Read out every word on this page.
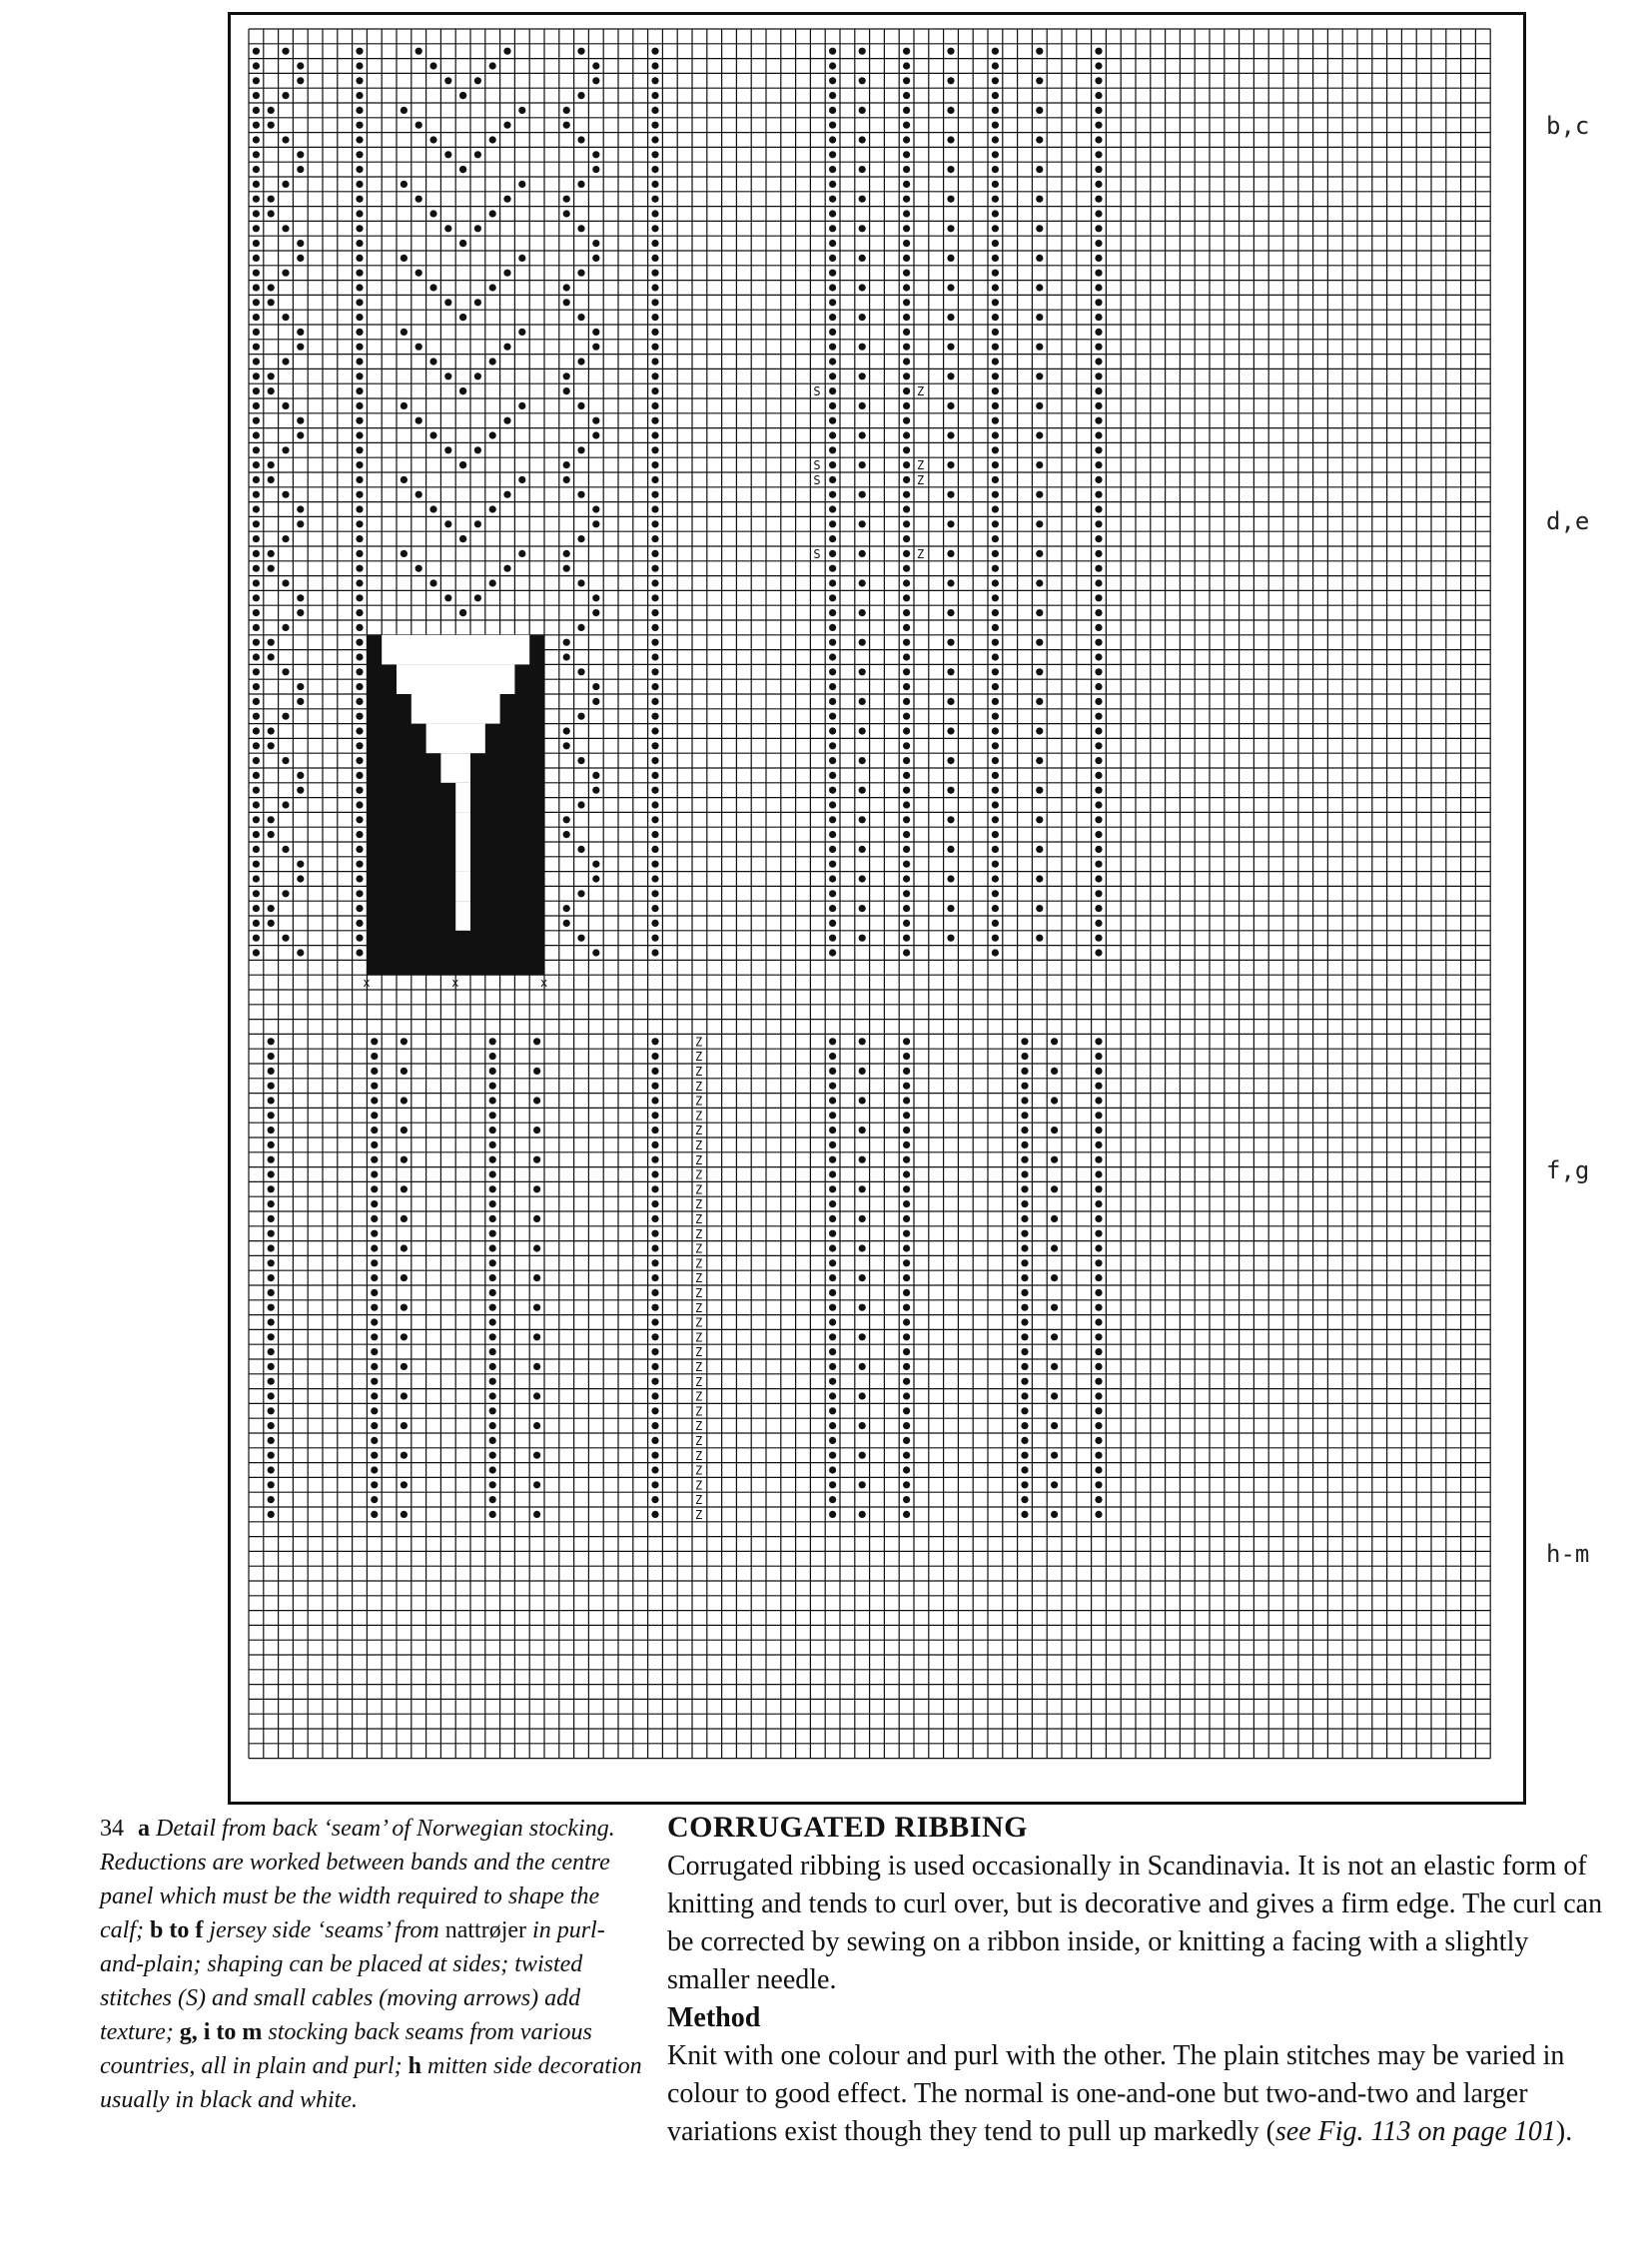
x	x	x
S	Z
S	Z
S	Z
S	Z
Z
Z
Z
Z
Z
Z
Z
Z
Z
Z
Z
Z
Z
Z
Z
Z
Z
Z
Z
Z
Z
Z
Z
Z
Z
Z
Z
Z
Z
Z
Z
Z
Z
b,c
d,e
f,g
h-m
34 a Detail from back ‘seam’ of Norwegian stocking. Reductions are worked between bands and the centre panel which must be the width required to shape the calf; b to f jersey side ‘seams’ from nattrøjer in purl-and-plain; shaping can be placed at sides; twisted stitches (S) and small cables (moving arrows) add texture; g, i to m stocking back seams from various countries, all in plain and purl; h mitten side decoration usually in black and white.
CORRUGATED RIBBING

Corrugated ribbing is used occasionally in Scandinavia. It is not an elastic form of knitting and tends to curl over, but is decorative and gives a firm edge. The curl can be corrected by sewing on a ribbon inside, or knitting a facing with a slightly smaller needle.

Method

Knit with one colour and purl with the other. The plain stitches may be varied in colour to good effect. The normal is one-and-one but two-and-two and larger variations exist though they tend to pull up markedly (see Fig. 113 on page 101).
